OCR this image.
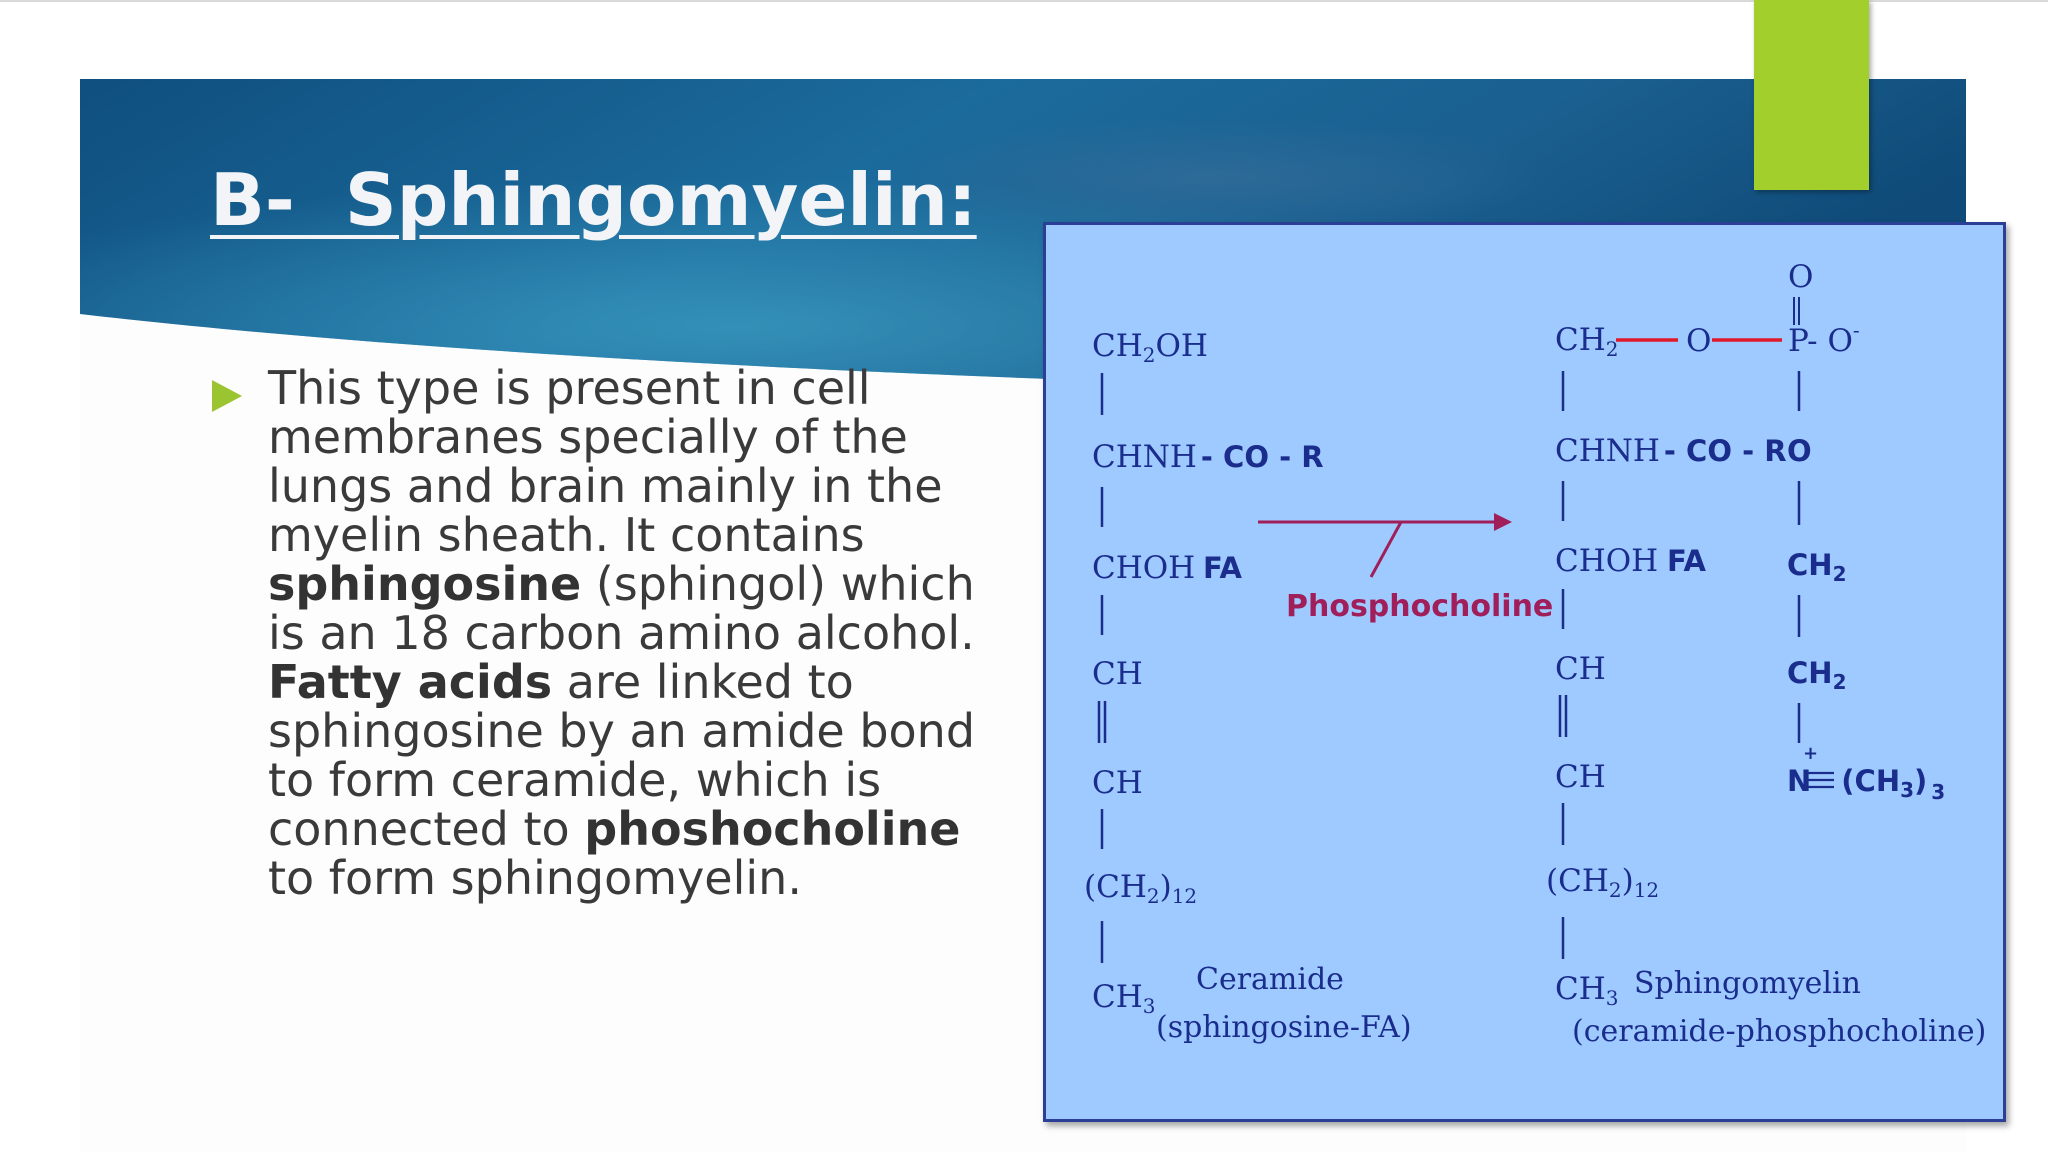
B-  Sphingomyelin:

This type is present in cell membranes specially of the lungs and brain mainly in the myelin sheath. It contains sphingosine (sphingol) which is an 18 carbon amino alcohol. Fatty acids are linked to sphingosine by an amide bond to form ceramide, which is connected to phoshocholine to form sphingomyelin.

CH2OH
CHNH - CO - R
CHOH FA
CH
CH
(CH2)12
CH3
Ceramide
(sphingosine-FA)
Phosphocholine
CH2 O
O
P- O-
CHNH - CO - R O
CHOH FA	$CH_2$
CH	$CH_2$
CH
+
N (CH3) 3
(CH2)12
CH3 Sphingomyelin
(ceramide-phosphocholine)
